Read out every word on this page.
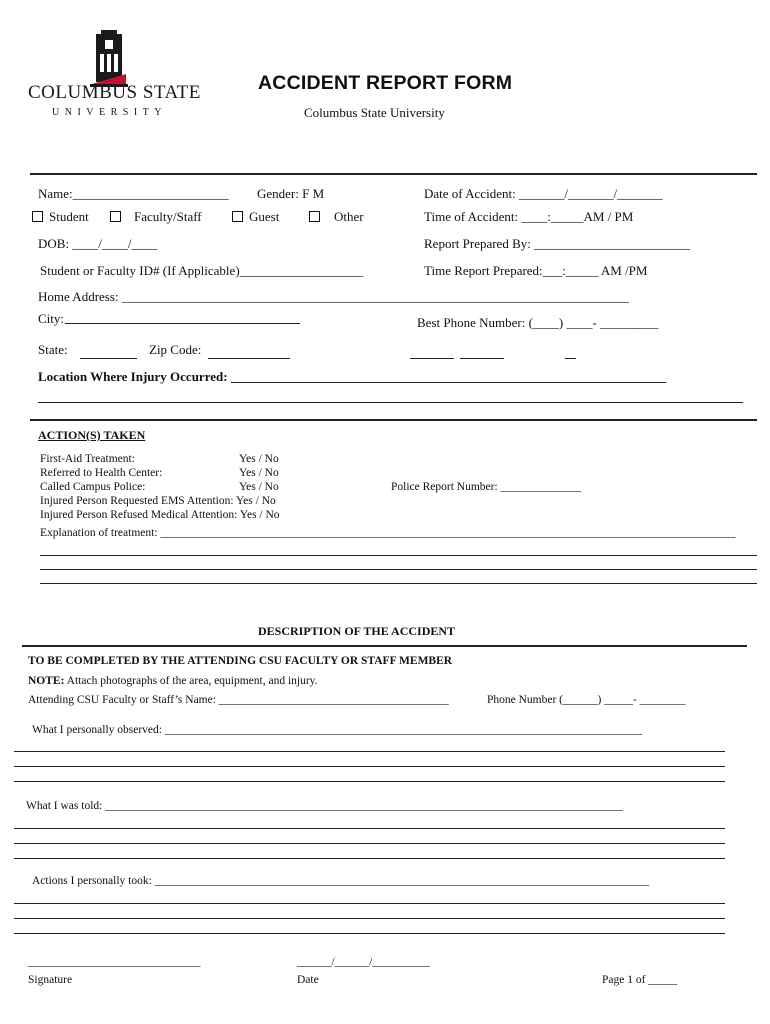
COLUMBUS STATE
UNIVERSITY
ACCIDENT REPORT FORM
Columbus State University
Name:________________________ Gender: F M	Date of Accident: _______/_______/_______
Student	Faculty/Staff	Guest	Other	Time of Accident: ____:_____AM / PM
DOB: ____/____/____	Report Prepared By: ________________________
Student or Faculty ID# (If Applicable)___________________	Time Report Prepared:___:_____ AM /PM
Home Address: ______________________________________________________________________________
City:	Best Phone Number: (____) ____- _________
State:	Zip Code:
Location Where Injury Occurred: ___________________________________________________________________
ACTION(S) TAKEN
First-Aid Treatment:	Yes / No
Referred to Health Center:	Yes / No
Called Campus Police:	Yes / No	Police Report Number: ______________
Injured Person Requested EMS Attention: Yes / No
Injured Person Refused Medical Attention: Yes / No
Explanation of treatment: ____________________________________________________________________________________________________
DESCRIPTION OF THE ACCIDENT
TO BE COMPLETED BY THE ATTENDING CSU FACULTY OR STAFF MEMBER
NOTE: Attach photographs of the area, equipment, and injury.
Attending CSU Faculty or Staff’s Name: ________________________________________	Phone Number (______) _____- ________
What I personally observed: ___________________________________________________________________________________
What I was told: __________________________________________________________________________________________
Actions I personally took: ______________________________________________________________________________________
______________________________
Signature
______/______/__________
Date	Page 1 of _____
